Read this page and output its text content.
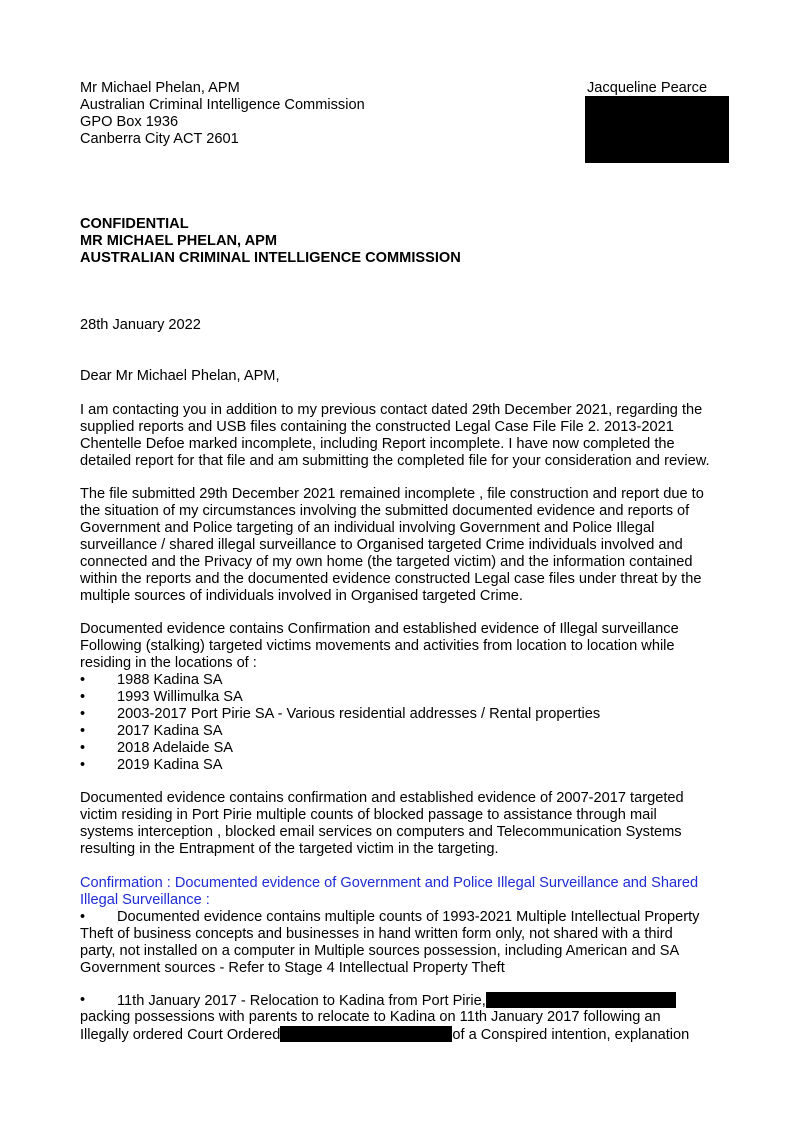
Mr Michael Phelan, APM
Australian Criminal Intelligence Commission
GPO Box 1936
Canberra City ACT 2601
Jacqueline Pearce
CONFIDENTIAL
MR MICHAEL PHELAN, APM
AUSTRALIAN CRIMINAL INTELLIGENCE COMMISSION
28th January 2022
Dear Mr Michael Phelan, APM,
I am contacting you in addition to my previous contact dated 29th December 2021, regarding the
supplied reports and USB files containing the constructed Legal Case File File 2. 2013-2021
Chentelle Defoe marked incomplete, including Report incomplete. I have now completed the
detailed report for that file and am submitting the completed file for your consideration and review.
The file submitted 29th December 2021 remained incomplete , file construction and report due to
the situation of my circumstances involving the submitted documented evidence and reports of
Government and Police targeting of an individual involving Government and Police Illegal
surveillance / shared illegal surveillance to Organised targeted Crime individuals involved and
connected and the Privacy of my own home (the targeted victim) and the information contained
within the reports and the documented evidence constructed Legal case files under threat by the
multiple sources of individuals involved in Organised targeted Crime.
Documented evidence contains Confirmation and established evidence of Illegal surveillance
Following (stalking) targeted victims movements and activities from location to location while
residing in the locations of :
• 1988 Kadina SA
• 1993 Willimulka SA
• 2003-2017 Port Pirie SA - Various residential addresses / Rental properties
• 2017 Kadina SA
• 2018 Adelaide SA
• 2019 Kadina SA
Documented evidence contains confirmation and established evidence of 2007-2017 targeted
victim residing in Port Pirie multiple counts of blocked passage to assistance through mail
systems interception , blocked email services on computers and Telecommunication Systems
resulting in the Entrapment of the targeted victim in the targeting.
Confirmation : Documented evidence of Government and Police Illegal Surveillance and Shared
Illegal Surveillance :
• Documented evidence contains multiple counts of 1993-2021 Multiple Intellectual Property
Theft of business concepts and businesses in hand written form only, not shared with a third
party, not installed on a computer in Multiple sources possession, including American and SA
Government sources - Refer to Stage 4 Intellectual Property Theft
• 11th January 2017 - Relocation to Kadina from Port Pirie,
packing possessions with parents to relocate to Kadina on 11th January 2017 following an
Illegally ordered Court Ordered	of a Conspired intention, explanation
